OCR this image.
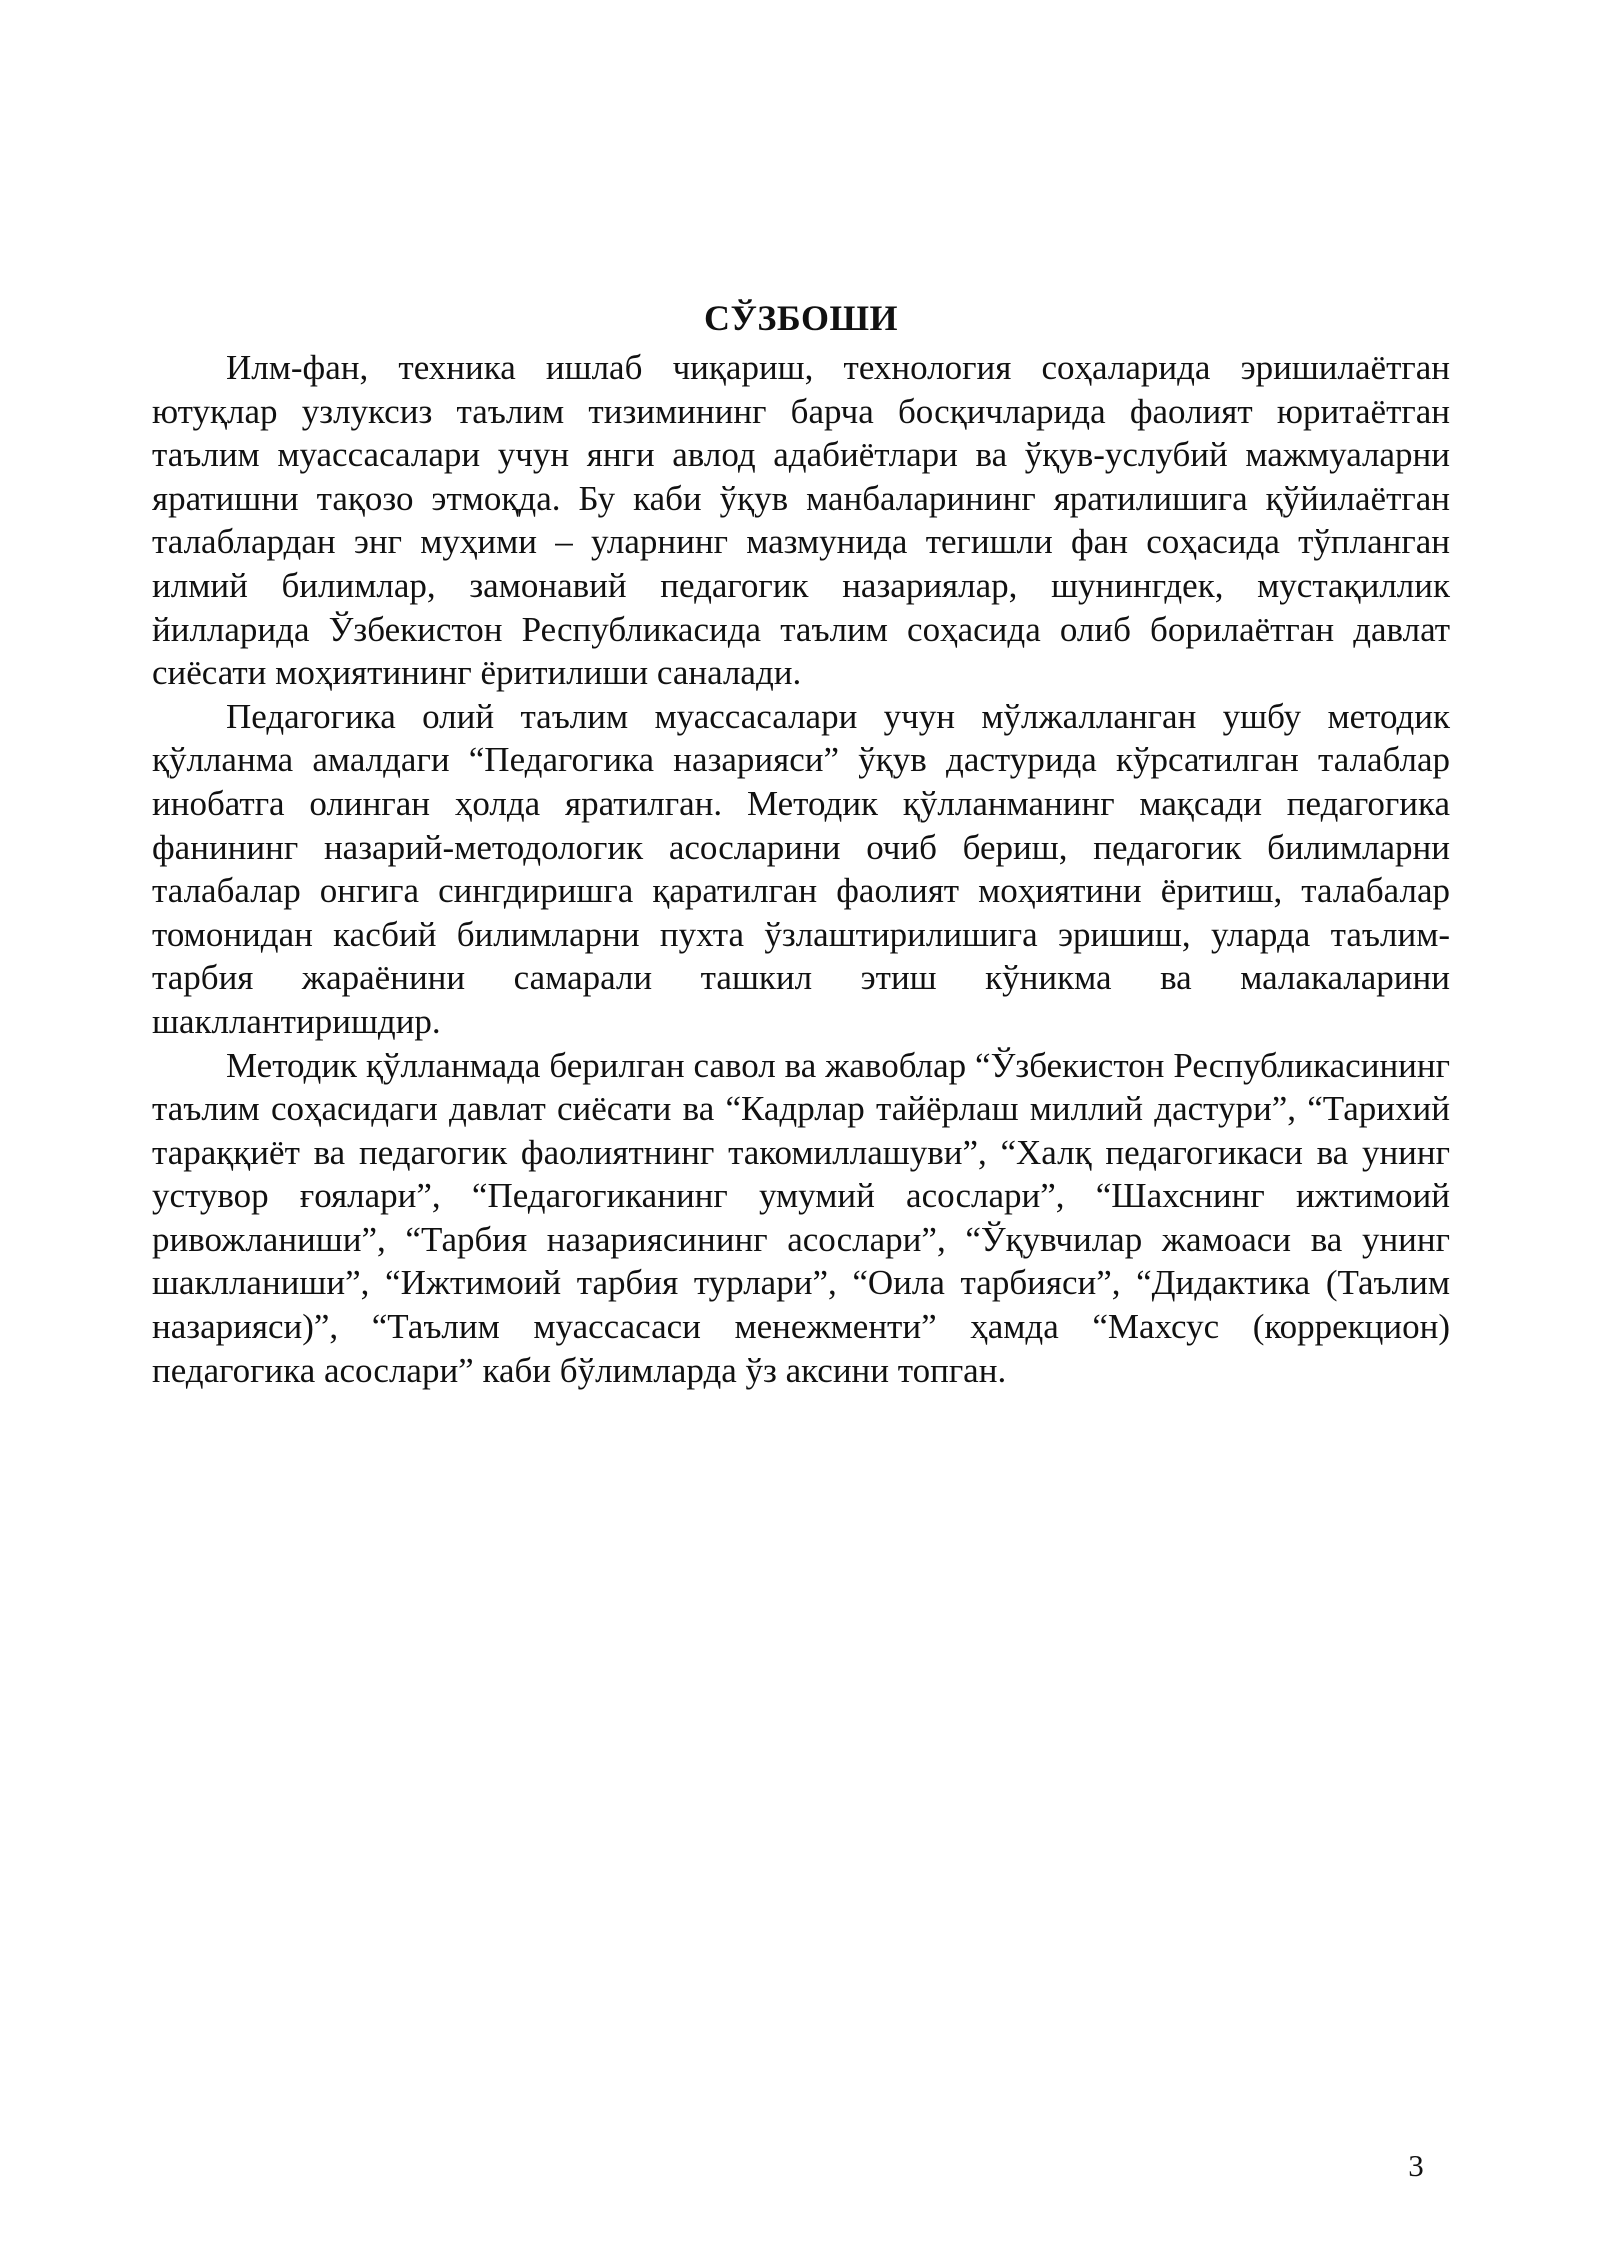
СЎЗБОШИ

Илм-фан, техника ишлаб чиқариш, технология соҳаларида эришилаётган ютуқлар узлуксиз таълим тизимининг барча босқичларида фаолият юритаётган таълим муассасалари учун янги авлод адабиётлари ва ўқув-услубий мажмуаларни яратишни тақозо этмоқда. Бу каби ўқув манбаларининг яратилишига қўйилаётган талаблардан энг муҳими – уларнинг мазмунида тегишли фан соҳасида тўпланган илмий билимлар, замонавий педагогик назариялар, шунингдек, мустақиллик йилларида Ўзбекистон Республикасида таълим соҳасида олиб борилаётган давлат сиёсати моҳиятининг ёритилиши саналади.

Педагогика олий таълим муассасалари учун мўлжалланган ушбу методик қўлланма амалдаги “Педагогика назарияси” ўқув дастурида кўрсатилган талаблар инобатга олинган ҳолда яратилган. Методик қўлланманинг мақсади педагогика фанининг назарий-методологик асосларини очиб бериш, педагогик билимларни талабалар онгига сингдиришга қаратилган фаолият моҳиятини ёритиш, талабалар томонидан касбий билимларни пухта ўзлаштирилишига эришиш, уларда таълим-тарбия жараёнини самарали ташкил этиш кўникма ва малакаларини шакллантиришдир.

Методик қўлланмада берилган савол ва жавоблар “Ўзбекистон Республикасининг таълим соҳасидаги давлат сиёсати ва “Кадрлар тайёрлаш миллий дастури”, “Тарихий тараққиёт ва педагогик фаолиятнинг такомиллашуви”, “Халқ педагогикаси ва унинг устувор ғоялари”, “Педагогиканинг умумий асослари”, “Шахснинг ижтимоий ривожланиши”, “Тарбия назариясининг асослари”, “Ўқувчилар жамоаси ва унинг шаклланиши”, “Ижтимоий тарбия турлари”, “Оила тарбияси”, “Дидактика (Таълим назарияси)”, “Таълим муассасаси менежменти” ҳамда “Махсус (коррекцион) педагогика асослари” каби бўлимларда ўз аксини топган.

3
